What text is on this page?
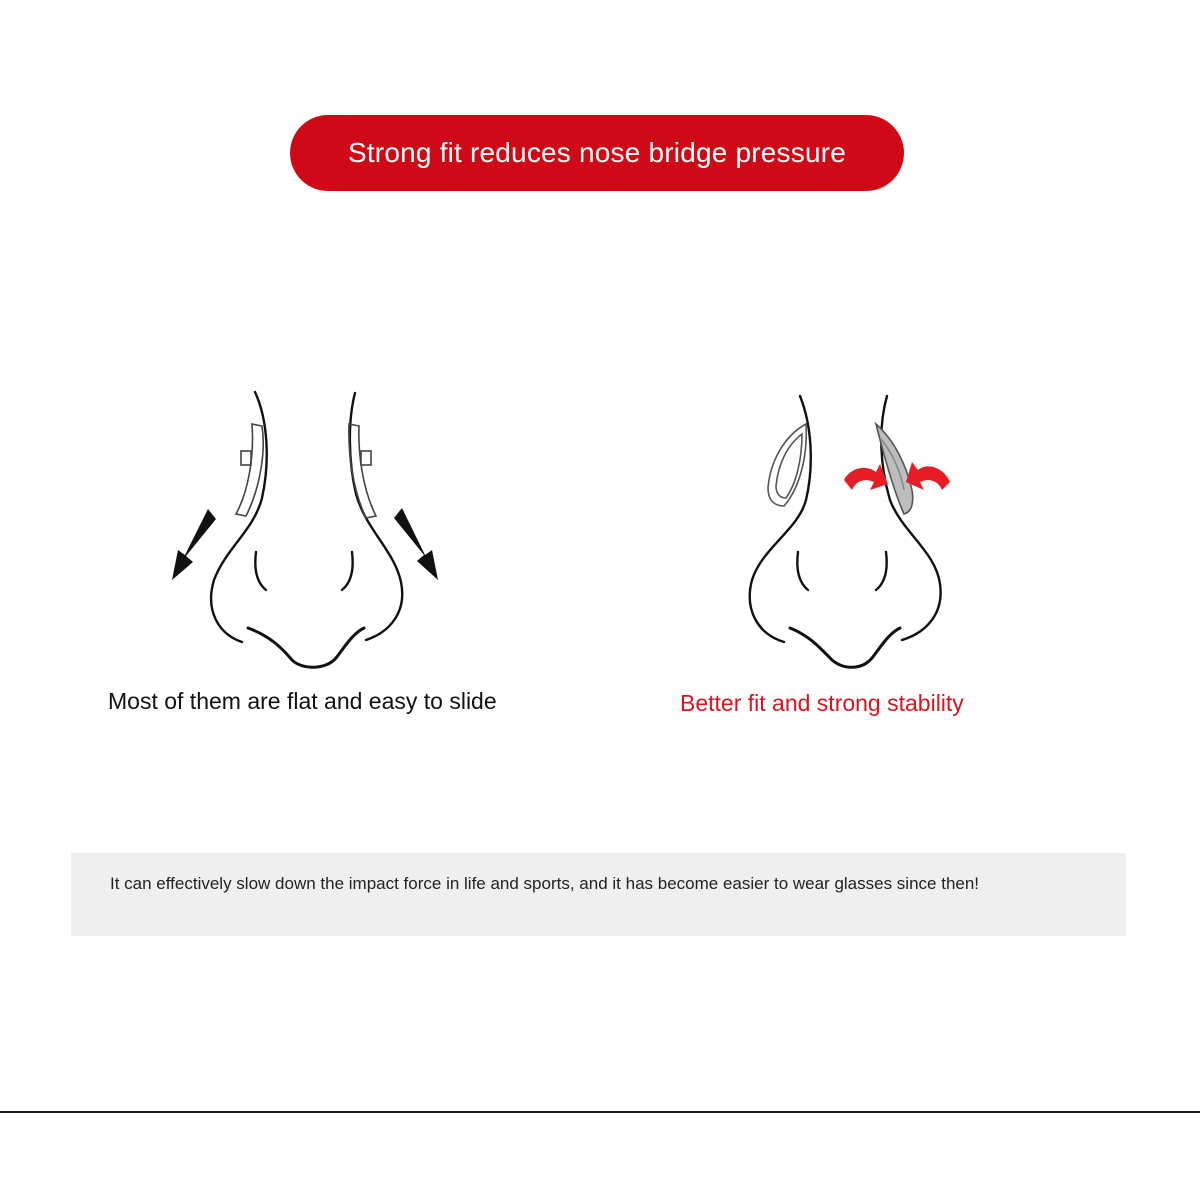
Strong fit reduces nose bridge pressure
Most of them are flat and easy to slide	Better fit and strong stability
It can effectively slow down the impact force in life and sports, and it has become easier to wear glasses since then!
